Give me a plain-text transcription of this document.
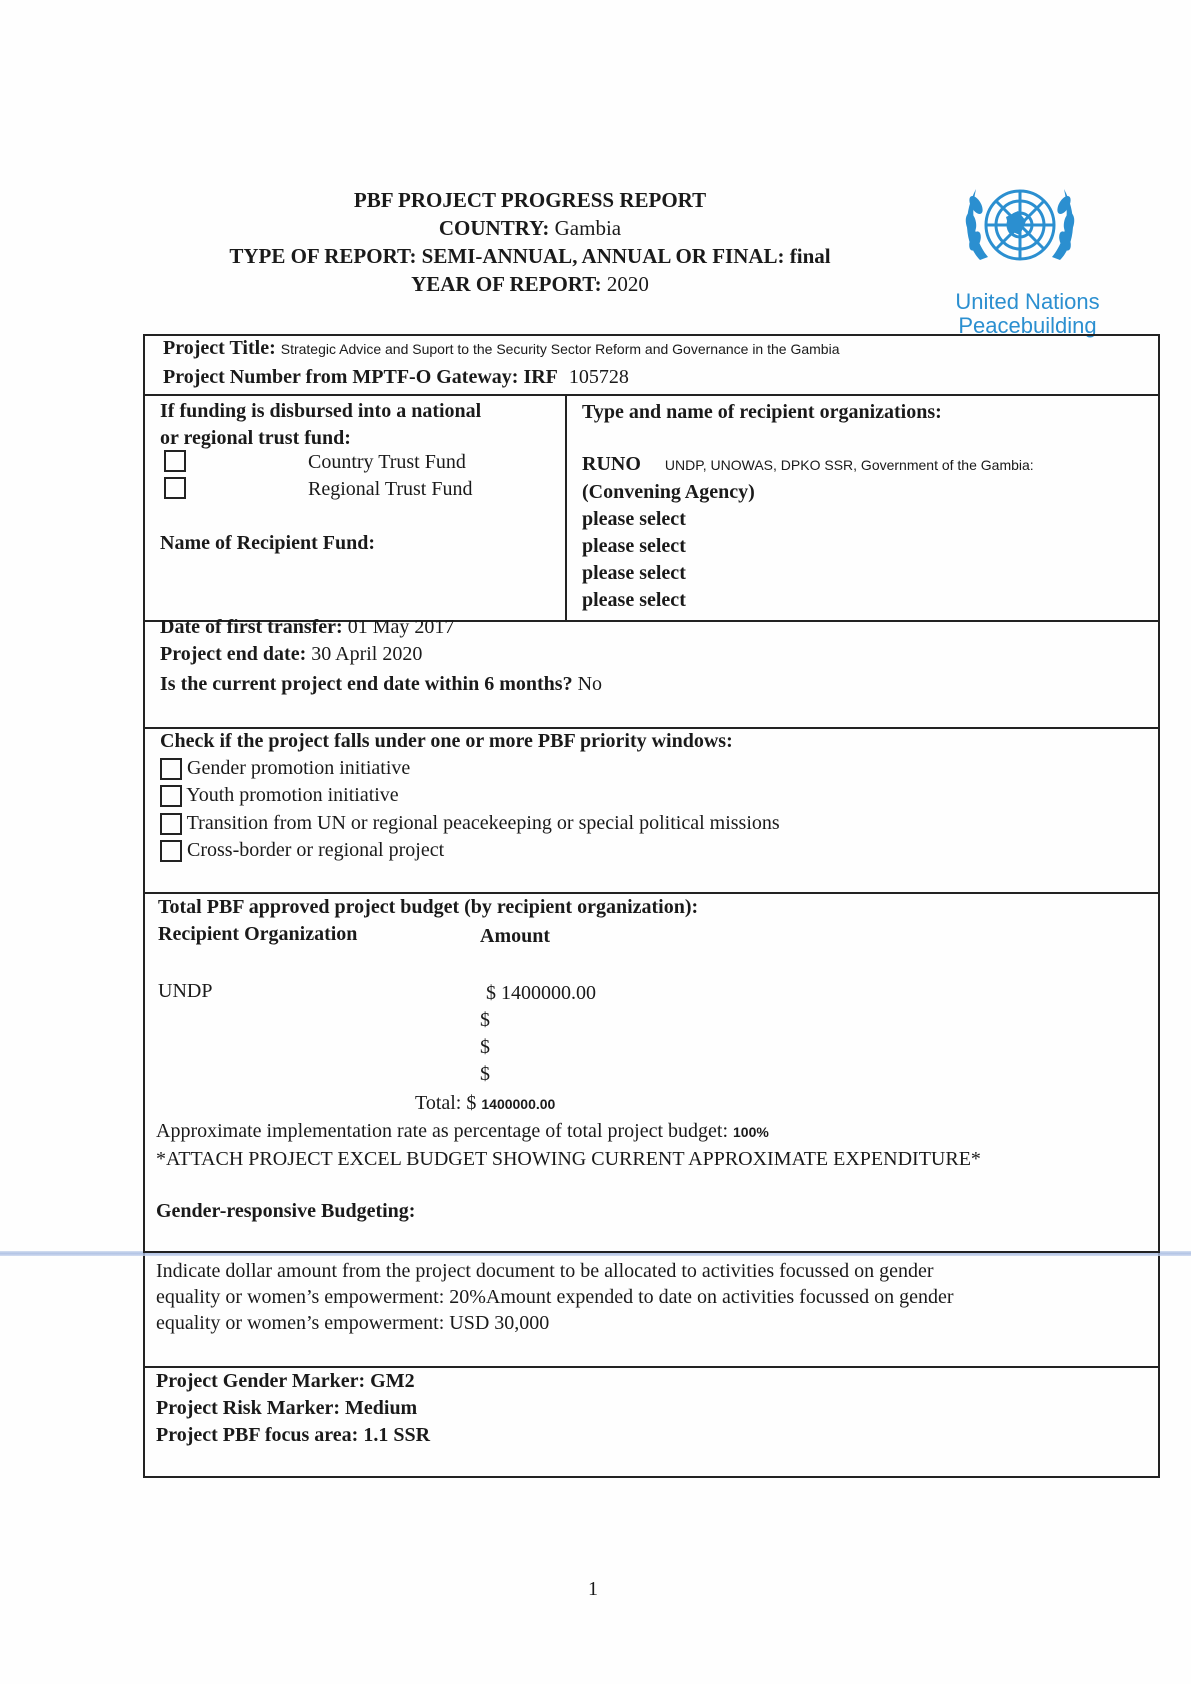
PBF PROJECT PROGRESS REPORT
COUNTRY: Gambia
TYPE OF REPORT: SEMI-ANNUAL, ANNUAL OR FINAL: final
YEAR OF REPORT: 2020
United Nations
Peacebuilding
Project Title: Strategic Advice and Suport to the Security Sector Reform and Governance in the Gambia
Project Number from MPTF-O Gateway: IRF 105728
If funding is disbursed into a national
or regional trust fund:
Country Trust Fund
Regional Trust Fund
Name of Recipient Fund:
Type and name of recipient organizations:
RUNO UNDP, UNOWAS, DPKO SSR, Government of the Gambia:
(Convening Agency)
please select
please select
please select
please select
Date of first transfer: 01 May 2017
Project end date: 30 April 2020
Is the current project end date within 6 months? No
Check if the project falls under one or more PBF priority windows:
Gender promotion initiative
Youth promotion initiative
Transition from UN or regional peacekeeping or special political missions
Cross-border or regional project
Total PBF approved project budget (by recipient organization):
Recipient Organization	Amount
UNDP	$ 1400000.00
$
$
$
Total: $ 1400000.00
Approximate implementation rate as percentage of total project budget: 100%
*ATTACH PROJECT EXCEL BUDGET SHOWING CURRENT APPROXIMATE EXPENDITURE*
Gender-responsive Budgeting:
Indicate dollar amount from the project document to be allocated to activities focussed on gender
equality or women’s empowerment: 20%Amount expended to date on activities focussed on gender
equality or women’s empowerment: USD 30,000
Project Gender Marker: GM2
Project Risk Marker: Medium
Project PBF focus area: 1.1 SSR
1
